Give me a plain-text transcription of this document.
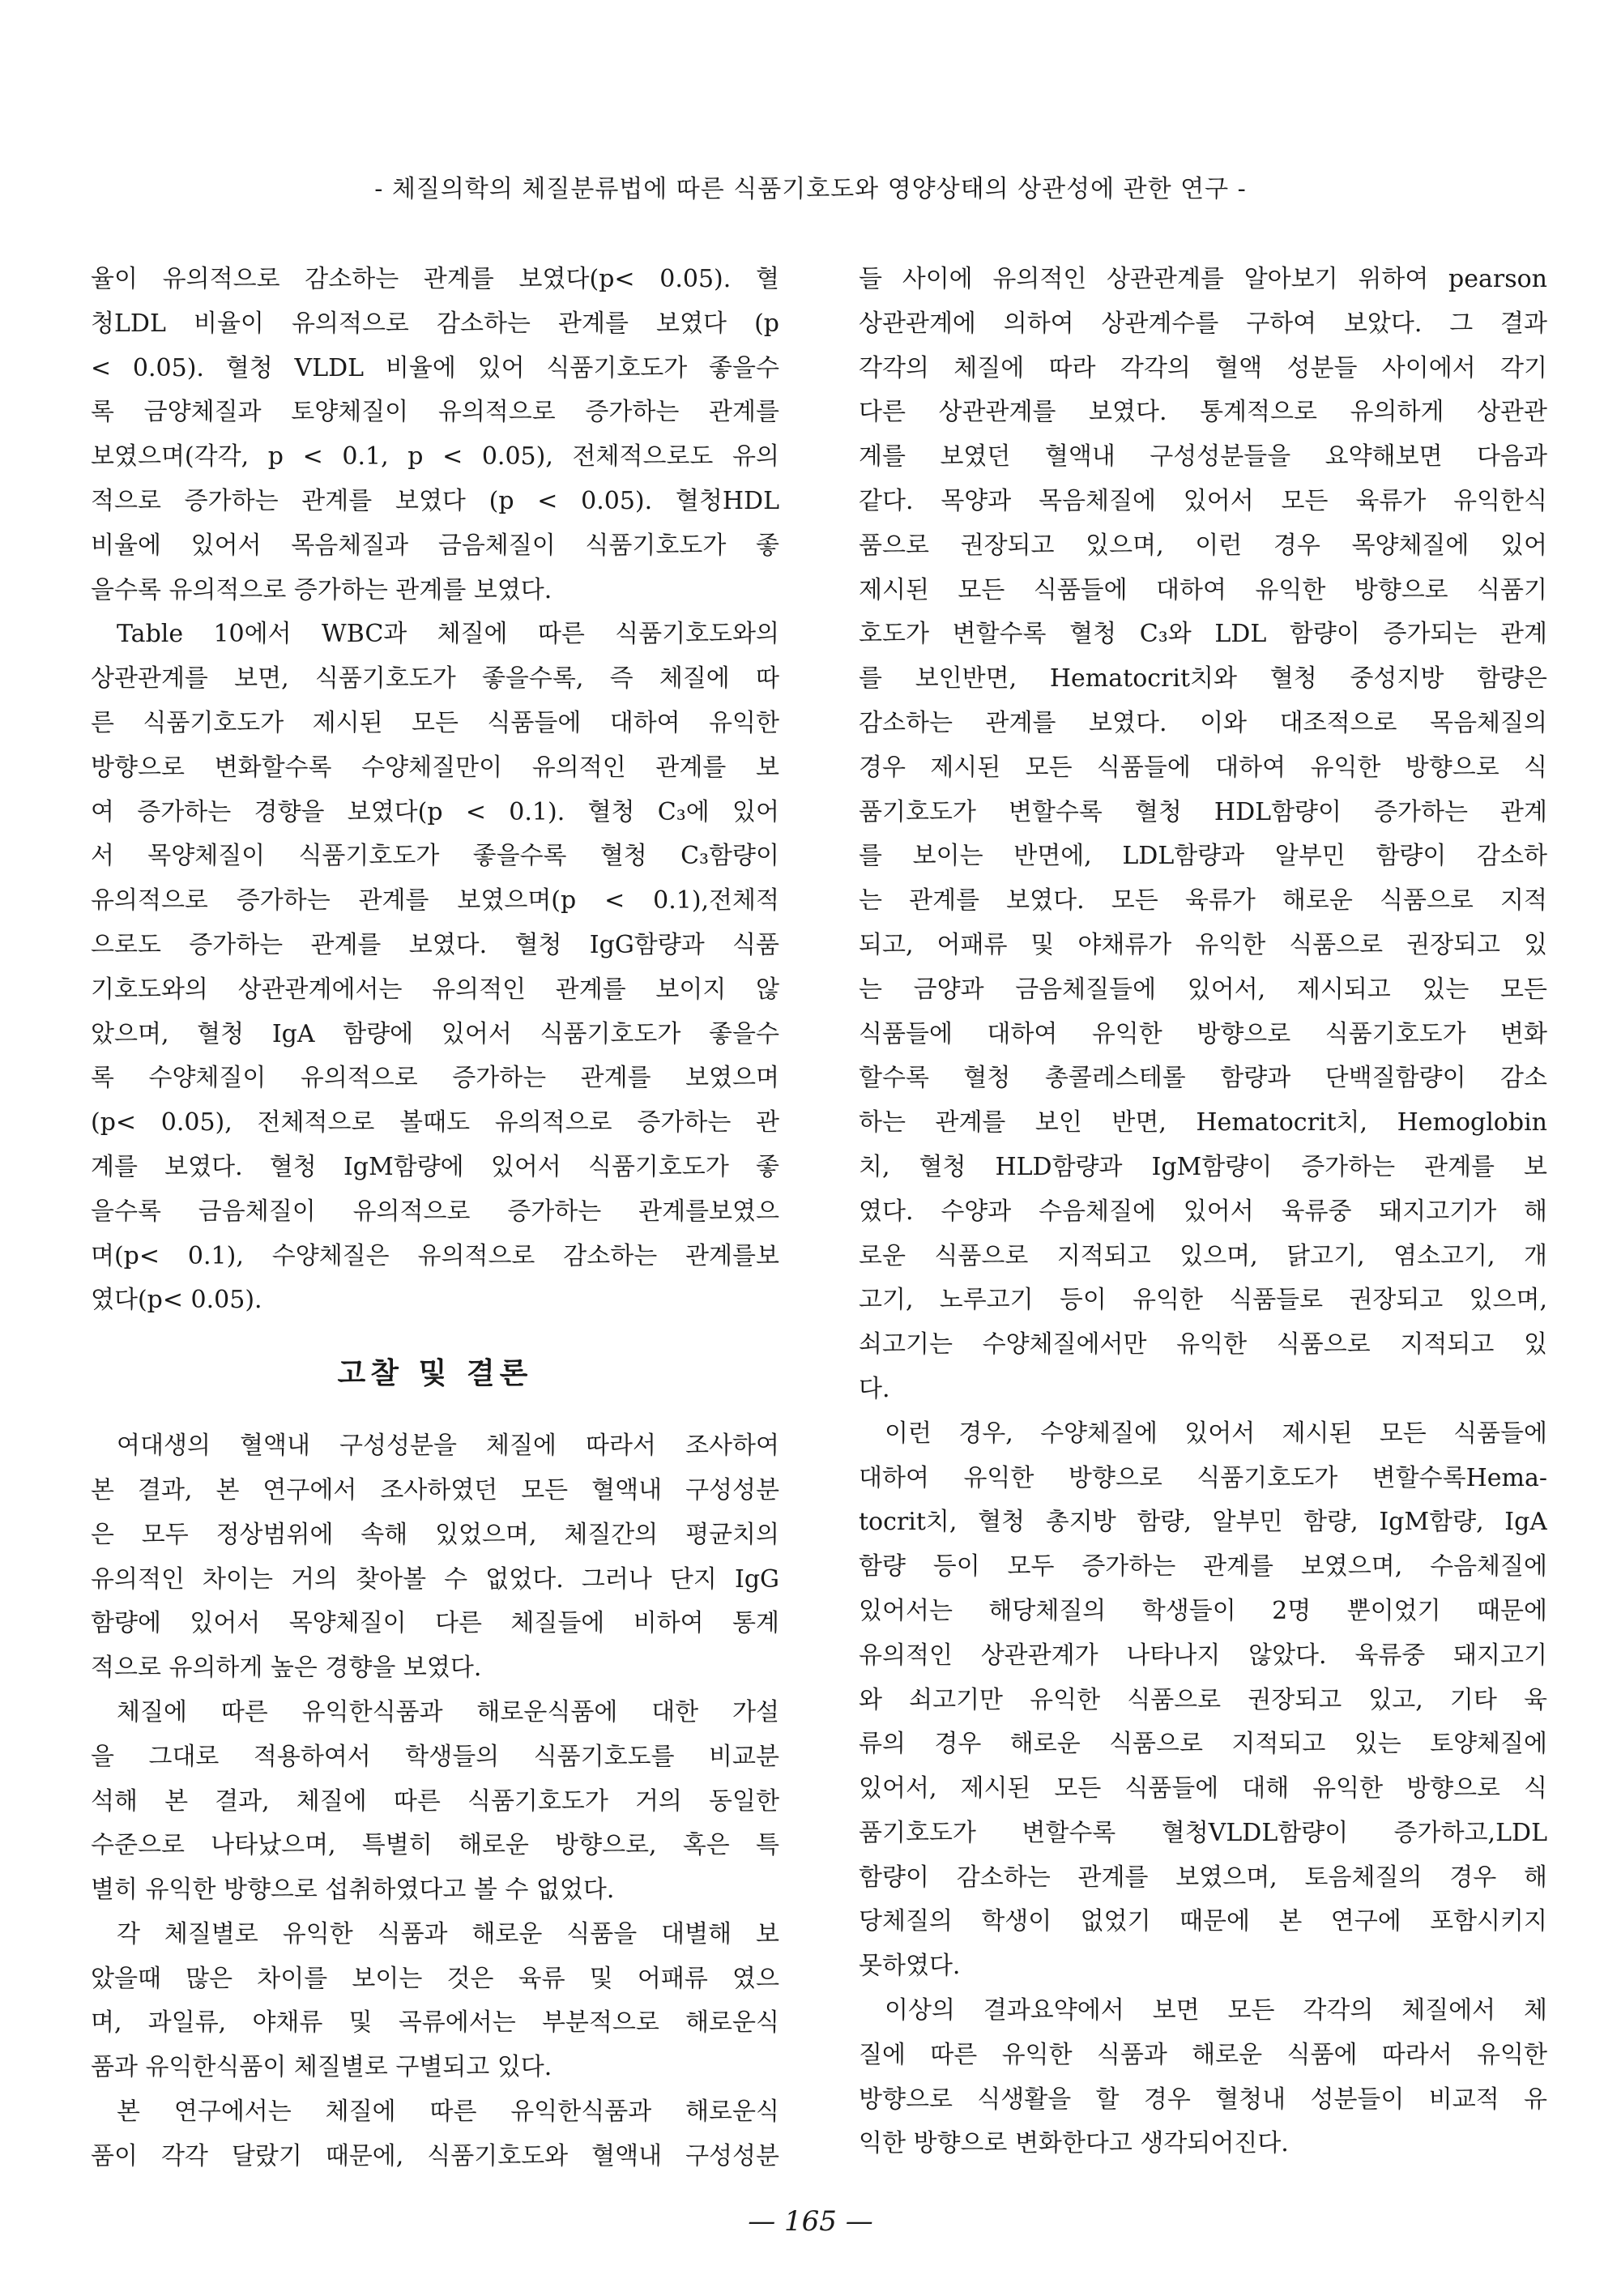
- 체질의학의 체질분류법에 따른 식품기호도와 영양상태의 상관성에 관한 연구 -
율이 유의적으로 감소하는 관계를 보였다(p< 0.05). 혈
청LDL 비율이 유의적으로 감소하는 관계를 보였다 (p
< 0.05). 혈청 VLDL 비율에 있어 식품기호도가 좋을수
록 금양체질과 토양체질이 유의적으로 증가하는 관계를
보였으며(각각, p < 0.1, p < 0.05), 전체적으로도 유의
적으로 증가하는 관계를 보였다 (p < 0.05). 혈청HDL
비율에 있어서 목음체질과 금음체질이 식품기호도가 좋
을수록 유의적으로 증가하는 관계를 보였다.
Table 10에서 WBC과 체질에 따른 식품기호도와의
상관관계를 보면, 식품기호도가 좋을수록, 즉 체질에 따
른 식품기호도가 제시된 모든 식품들에 대하여 유익한
방향으로 변화할수록 수양체질만이 유의적인 관계를 보
여 증가하는 경향을 보였다(p < 0.1). 혈청 C₃에 있어
서 목양체질이 식품기호도가 좋을수록 혈청 C₃함량이
유의적으로 증가하는 관계를 보였으며(p < 0.1),전체적
으로도 증가하는 관계를 보였다. 혈청 IgG함량과 식품
기호도와의 상관관계에서는 유의적인 관계를 보이지 않
았으며, 혈청 IgA 함량에 있어서 식품기호도가 좋을수
록 수양체질이 유의적으로 증가하는 관계를 보였으며
(p< 0.05), 전체적으로 볼때도 유의적으로 증가하는 관
계를 보였다. 혈청 IgM함량에 있어서 식품기호도가 좋
을수록 금음체질이 유의적으로 증가하는 관계를보였으
며(p< 0.1), 수양체질은 유의적으로 감소하는 관계를보
였다(p< 0.05).
고찰 및 결론
여대생의 혈액내 구성성분을 체질에 따라서 조사하여
본 결과, 본 연구에서 조사하였던 모든 혈액내 구성성분
은 모두 정상범위에 속해 있었으며, 체질간의 평균치의
유의적인 차이는 거의 찾아볼 수 없었다. 그러나 단지 IgG
함량에 있어서 목양체질이 다른 체질들에 비하여 통계
적으로 유의하게 높은 경향을 보였다.
체질에 따른 유익한식품과 해로운식품에 대한 가설
을 그대로 적용하여서 학생들의 식품기호도를 비교분
석해 본 결과, 체질에 따른 식품기호도가 거의 동일한
수준으로 나타났으며, 특별히 해로운 방향으로, 혹은 특
별히 유익한 방향으로 섭취하였다고 볼 수 없었다.
각 체질별로 유익한 식품과 해로운 식품을 대별해 보
았을때 많은 차이를 보이는 것은 육류 및 어패류 였으
며, 과일류, 야채류 및 곡류에서는 부분적으로 해로운식
품과 유익한식품이 체질별로 구별되고 있다.
본 연구에서는 체질에 따른 유익한식품과 해로운식
품이 각각 달랐기 때문에, 식품기호도와 혈액내 구성성분
들 사이에 유의적인 상관관계를 알아보기 위하여 pearson
상관관계에 의하여 상관계수를 구하여 보았다. 그 결과
각각의 체질에 따라 각각의 혈액 성분들 사이에서 각기
다른 상관관계를 보였다. 통계적으로 유의하게 상관관
계를 보였던 혈액내 구성성분들을 요약해보면 다음과
같다. 목양과 목음체질에 있어서 모든 육류가 유익한식
품으로 권장되고 있으며, 이런 경우 목양체질에 있어
제시된 모든 식품들에 대하여 유익한 방향으로 식품기
호도가 변할수록 혈청 C₃와 LDL 함량이 증가되는 관계
를 보인반면, Hematocrit치와 혈청 중성지방 함량은
감소하는 관계를 보였다. 이와 대조적으로 목음체질의
경우 제시된 모든 식품들에 대하여 유익한 방향으로 식
품기호도가 변할수록 혈청 HDL함량이 증가하는 관계
를 보이는 반면에, LDL함량과 알부민 함량이 감소하
는 관계를 보였다. 모든 육류가 해로운 식품으로 지적
되고, 어패류 및 야채류가 유익한 식품으로 권장되고 있
는 금양과 금음체질들에 있어서, 제시되고 있는 모든
식품들에 대하여 유익한 방향으로 식품기호도가 변화
할수록 혈청 총콜레스테롤 함량과 단백질함량이 감소
하는 관계를 보인 반면, Hematocrit치, Hemoglobin
치, 혈청 HLD함량과 IgM함량이 증가하는 관계를 보
였다. 수양과 수음체질에 있어서 육류중 돼지고기가 해
로운 식품으로 지적되고 있으며, 닭고기, 염소고기, 개
고기, 노루고기 등이 유익한 식품들로 권장되고 있으며,
쇠고기는 수양체질에서만 유익한 식품으로 지적되고 있
다.
이런 경우, 수양체질에 있어서 제시된 모든 식품들에
대하여 유익한 방향으로 식품기호도가 변할수록Hema-
tocrit치, 혈청 총지방 함량, 알부민 함량, IgM함량, IgA
함량 등이 모두 증가하는 관계를 보였으며, 수음체질에
있어서는 해당체질의 학생들이 2명 뿐이었기 때문에
유의적인 상관관계가 나타나지 않았다. 육류중 돼지고기
와 쇠고기만 유익한 식품으로 권장되고 있고, 기타 육
류의 경우 해로운 식품으로 지적되고 있는 토양체질에
있어서, 제시된 모든 식품들에 대해 유익한 방향으로 식
품기호도가 변할수록 혈청VLDL함량이 증가하고,LDL
함량이 감소하는 관계를 보였으며, 토음체질의 경우 해
당체질의 학생이 없었기 때문에 본 연구에 포함시키지
못하였다.
이상의 결과요약에서 보면 모든 각각의 체질에서 체
질에 따른 유익한 식품과 해로운 식품에 따라서 유익한
방향으로 식생활을 할 경우 혈청내 성분들이 비교적 유
익한 방향으로 변화한다고 생각되어진다.
— 165 —
